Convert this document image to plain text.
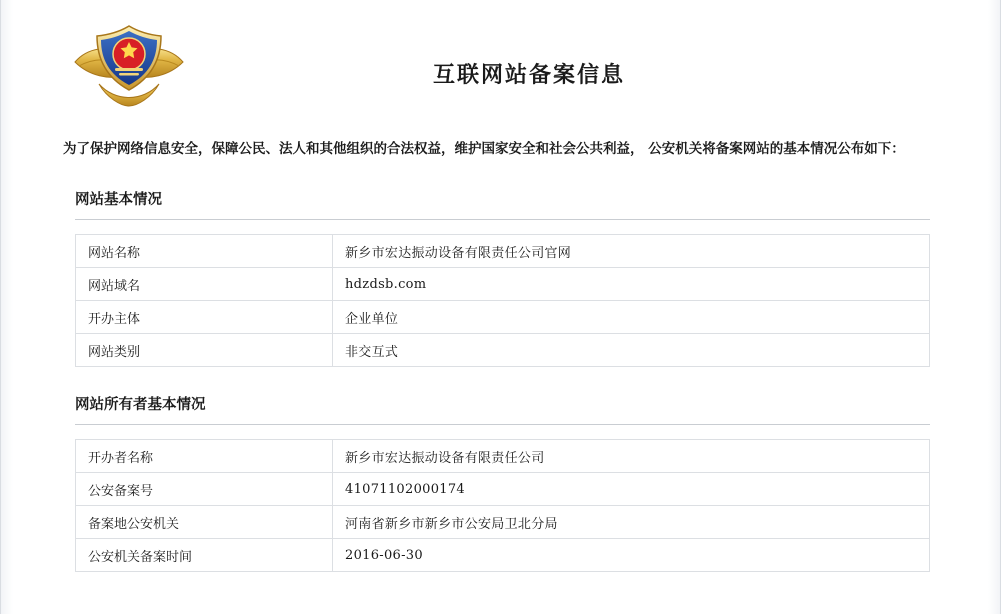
互联网站备案信息

为了保护网络信息安全，保障公民、法人和其他组织的合法权益，维护国家安全和社会公共利益， 公安机关将备案网站的基本情况公布如下：

网站基本情况
网站名称	新乡市宏达振动设备有限责任公司官网
网站域名	hdzdsb.com
开办主体	企业单位
网站类别	非交互式
网站所有者基本情况
开办者名称	新乡市宏达振动设备有限责任公司
公安备案号	41071102000174
备案地公安机关	河南省新乡市新乡市公安局卫北分局
公安机关备案时间	2016-06-30
